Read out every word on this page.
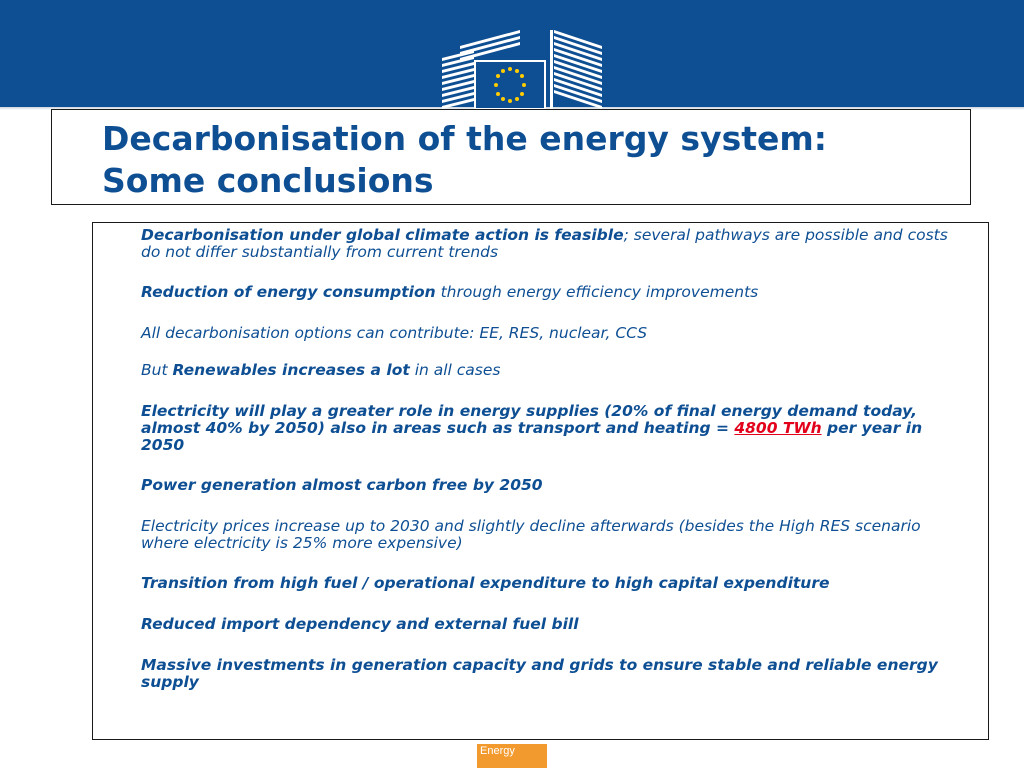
Decarbonisation of the energy system:
Some conclusions
Decarbonisation under global climate action is feasible; several pathways are possible and costs do not differ substantially from current trends
Reduction of energy consumption through energy efficiency improvements
All decarbonisation options can contribute: EE, RES, nuclear, CCS
But Renewables increases a lot in all cases
Electricity will play a greater role in energy supplies (20% of final energy demand today, almost 40% by 2050) also in areas such as transport and heating = 4800 TWh per year in 2050
Power generation almost carbon free by 2050
Electricity prices increase up to 2030 and slightly decline afterwards (besides the High RES scenario where electricity is 25% more expensive)
Transition from high fuel / operational expenditure to high capital expenditure
Reduced import dependency and external fuel bill
Massive investments in generation capacity and grids to ensure stable and reliable energy supply
Energy
